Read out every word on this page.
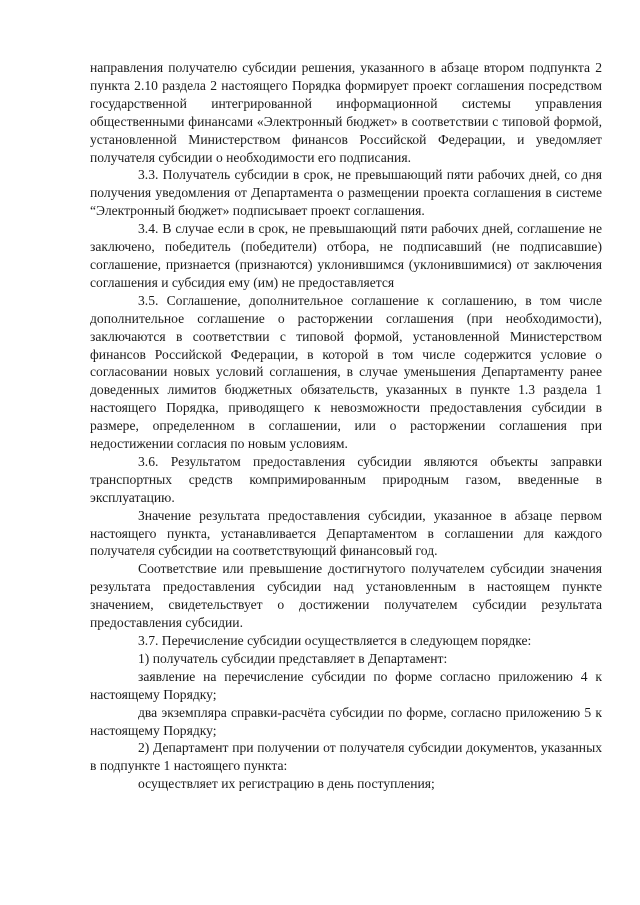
направления получателю субсидии решения, указанного в абзаце втором подпункта 2 пункта 2.10 раздела 2 настоящего Порядка формирует проект соглашения посредством государственной интегрированной информационной системы управления общественными финансами «Электронный бюджет» в соответствии с типовой формой, установленной Министерством финансов Российской Федерации, и уведомляет получателя субсидии о необходимости его подписания.

3.3. Получатель субсидии в срок, не превышающий пяти рабочих дней, со дня получения уведомления от Департамента о размещении проекта соглашения в системе “Электронный бюджет» подписывает проект соглашения.

3.4. В случае если в срок, не превышающий пяти рабочих дней, соглашение не заключено, победитель (победители) отбора, не подписавший (не подписавшие) соглашение, признается (признаются) уклонившимся (уклонившимися) от заключения соглашения и субсидия ему (им) не предоставляется

3.5. Соглашение, дополнительное соглашение к соглашению, в том числе дополнительное соглашение о расторжении соглашения (при необходимости), заключаются в соответствии с типовой формой, установленной Министерством финансов Российской Федерации, в которой в том числе содержится условие о согласовании новых условий соглашения, в случае уменьшения Департаменту ранее доведенных лимитов бюджетных обязательств, указанных в пункте 1.3 раздела 1 настоящего Порядка, приводящего к невозможности предоставления субсидии в размере, определенном в соглашении, или о расторжении соглашения при недостижении согласия по новым условиям.

3.6. Результатом предоставления субсидии являются объекты заправки транспортных средств компримированным природным газом, введенные в эксплуатацию.

Значение результата предоставления субсидии, указанное в абзаце первом настоящего пункта, устанавливается Департаментом в соглашении для каждого получателя субсидии на соответствующий финансовый год.

Соответствие или превышение достигнутого получателем субсидии значения результата предоставления субсидии над установленным в настоящем пункте значением, свидетельствует о достижении получателем субсидии результата предоставления субсидии.

3.7. Перечисление субсидии осуществляется в следующем порядке:

1) получатель субсидии представляет в Департамент:

заявление на перечисление субсидии по форме согласно приложению 4 к настоящему Порядку;

два экземпляра справки-расчёта субсидии по форме, согласно приложению 5 к настоящему Порядку;

2) Департамент при получении от получателя субсидии документов, указанных в подпункте 1 настоящего пункта:

осуществляет их регистрацию в день поступления;
